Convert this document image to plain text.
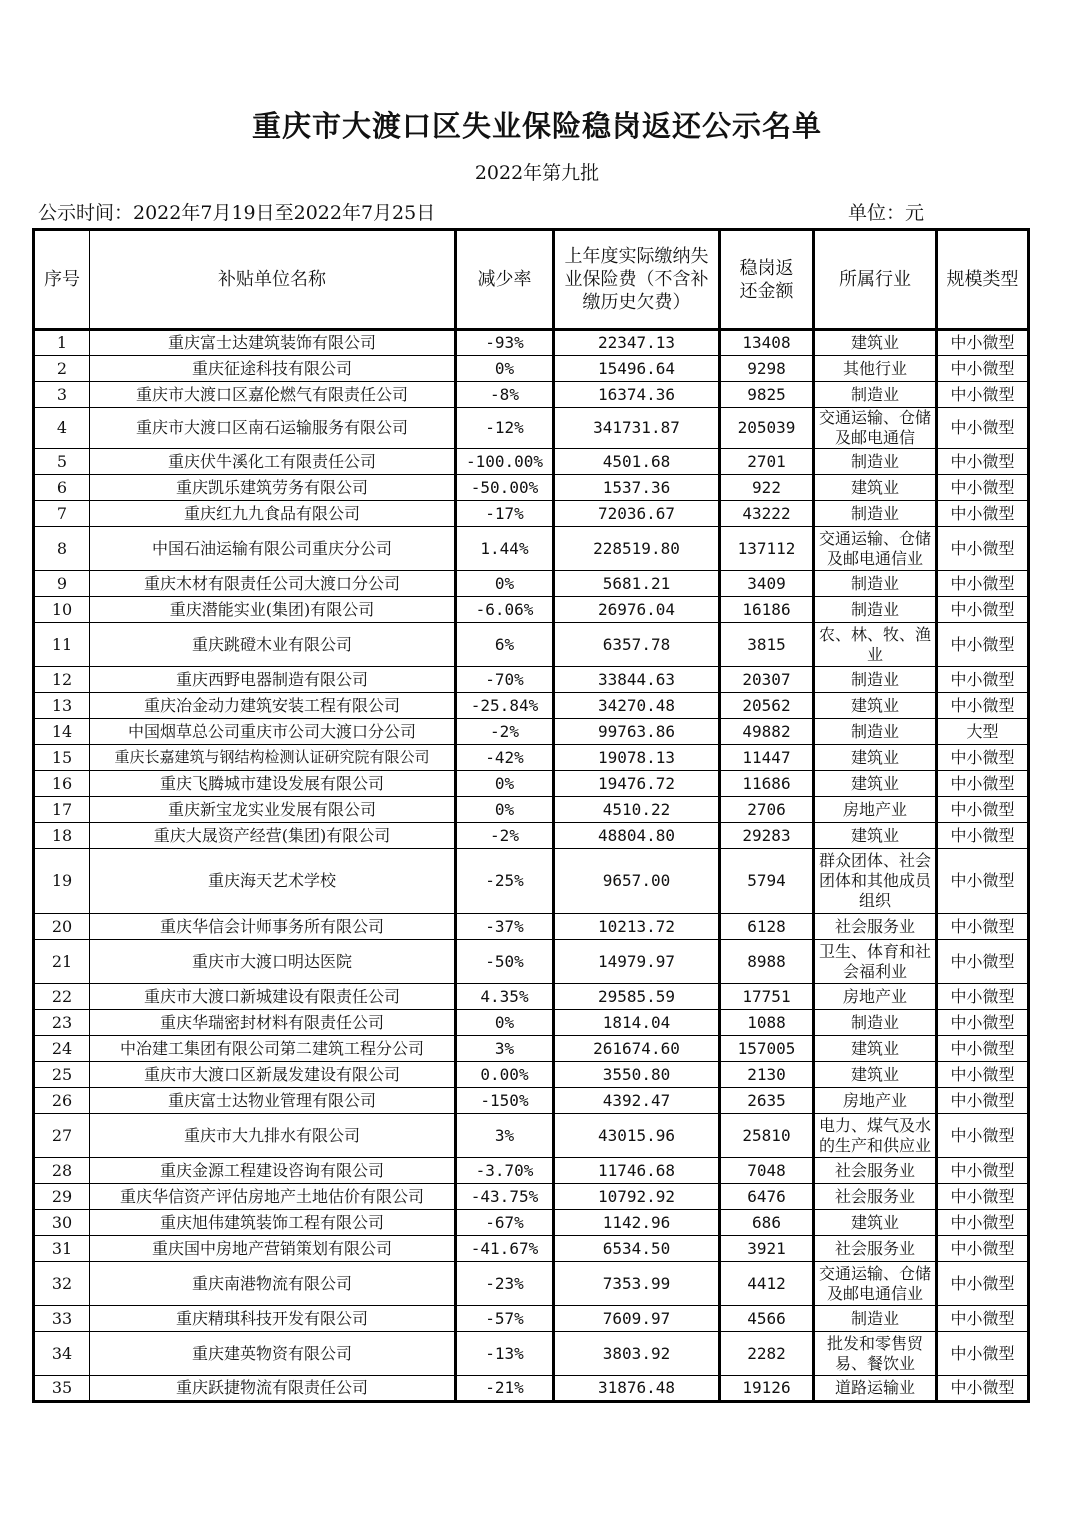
重庆市大渡口区失业保险稳岗返还公示名单
2022年第九批
公示时间：2022年7月19日至2022年7月25日	单位：元
序号	补贴单位名称	减少率	上年度实际缴纳失业保险费（不含补缴历史欠费）	稳岗返还金额	所属行业	规模类型
1	重庆富士达建筑装饰有限公司	-93%	22347.13	13408	建筑业	中小微型
2	重庆征途科技有限公司	0%	15496.64	9298	其他行业	中小微型
3	重庆市大渡口区嘉伦燃气有限责任公司	-8%	16374.36	9825	制造业	中小微型
4	重庆市大渡口区南石运输服务有限公司	-12%	341731.87	205039	交通运输、仓储及邮电通信	中小微型
5	重庆伏牛溪化工有限责任公司	-100.00%	4501.68	2701	制造业	中小微型
6	重庆凯乐建筑劳务有限公司	-50.00%	1537.36	922	建筑业	中小微型
7	重庆红九九食品有限公司	-17%	72036.67	43222	制造业	中小微型
8	中国石油运输有限公司重庆分公司	1.44%	228519.80	137112	交通运输、仓储及邮电通信业	中小微型
9	重庆木材有限责任公司大渡口分公司	0%	5681.21	3409	制造业	中小微型
10	重庆潜能实业(集团)有限公司	-6.06%	26976.04	16186	制造业	中小微型
11	重庆跳磴木业有限公司	6%	6357.78	3815	农、林、牧、渔业	中小微型
12	重庆西野电器制造有限公司	-70%	33844.63	20307	制造业	中小微型
13	重庆冶金动力建筑安装工程有限公司	-25.84%	34270.48	20562	建筑业	中小微型
14	中国烟草总公司重庆市公司大渡口分公司	-2%	99763.86	49882	制造业	大型
15	重庆长嘉建筑与钢结构检测认证研究院有限公司	-42%	19078.13	11447	建筑业	中小微型
16	重庆飞腾城市建设发展有限公司	0%	19476.72	11686	建筑业	中小微型
17	重庆新宝龙实业发展有限公司	0%	4510.22	2706	房地产业	中小微型
18	重庆大晟资产经营(集团)有限公司	-2%	48804.80	29283	建筑业	中小微型
19	重庆海天艺术学校	-25%	9657.00	5794	群众团体、社会团体和其他成员组织	中小微型
20	重庆华信会计师事务所有限公司	-37%	10213.72	6128	社会服务业	中小微型
21	重庆市大渡口明达医院	-50%	14979.97	8988	卫生、体育和社会福利业	中小微型
22	重庆市大渡口新城建设有限责任公司	4.35%	29585.59	17751	房地产业	中小微型
23	重庆华瑞密封材料有限责任公司	0%	1814.04	1088	制造业	中小微型
24	中冶建工集团有限公司第二建筑工程分公司	3%	261674.60	157005	建筑业	中小微型
25	重庆市大渡口区新晟发建设有限公司	0.00%	3550.80	2130	建筑业	中小微型
26	重庆富士达物业管理有限公司	-150%	4392.47	2635	房地产业	中小微型
27	重庆市大九排水有限公司	3%	43015.96	25810	电力、煤气及水的生产和供应业	中小微型
28	重庆金源工程建设咨询有限公司	-3.70%	11746.68	7048	社会服务业	中小微型
29	重庆华信资产评估房地产土地估价有限公司	-43.75%	10792.92	6476	社会服务业	中小微型
30	重庆旭伟建筑装饰工程有限公司	-67%	1142.96	686	建筑业	中小微型
31	重庆国中房地产营销策划有限公司	-41.67%	6534.50	3921	社会服务业	中小微型
32	重庆南港物流有限公司	-23%	7353.99	4412	交通运输、仓储及邮电通信业	中小微型
33	重庆精琪科技开发有限公司	-57%	7609.97	4566	制造业	中小微型
34	重庆建英物资有限公司	-13%	3803.92	2282	批发和零售贸易、餐饮业	中小微型
35	重庆跃捷物流有限责任公司	-21%	31876.48	19126	道路运输业	中小微型
